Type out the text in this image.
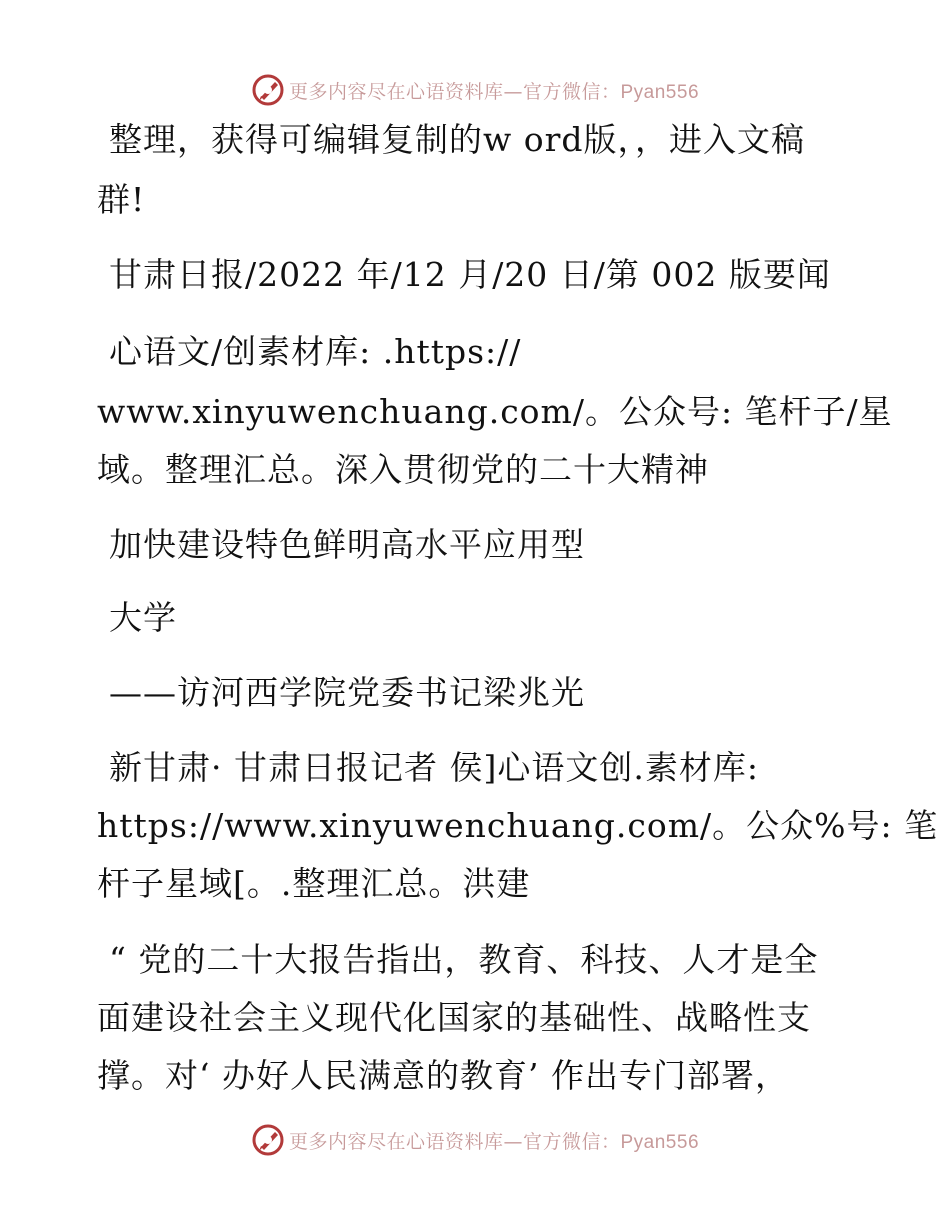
更多内容尽在心语资料库—官方微信：Pyan556
整理，获得可编辑复制的w ord版，，进入文稿
群!
甘肃日报/2022 年/12 月/20 日/第 002 版要闻
心语文/创素材库: .https://
www.xinyuwenchuang.com/。公众号: 笔杆子/星
域。整理汇总。深入贯彻党的二十大精神
加快建设特色鲜明高水平应用型
大学
——访河西学院党委书记梁兆光
新甘肃· 甘肃日报记者 侯]心语文创.素材库:
https://www.xinyuwenchuang.com/。公众%号: 笔
杆子星域[。.整理汇总。洪建
“ 党的二十大报告指出，教育、科技、人才是全
面建设社会主义现代化国家的基础性、战略性支
撑。对‘ 办好人民满意的教育’ 作出专门部署，
更多内容尽在心语资料库—官方微信：Pyan556
